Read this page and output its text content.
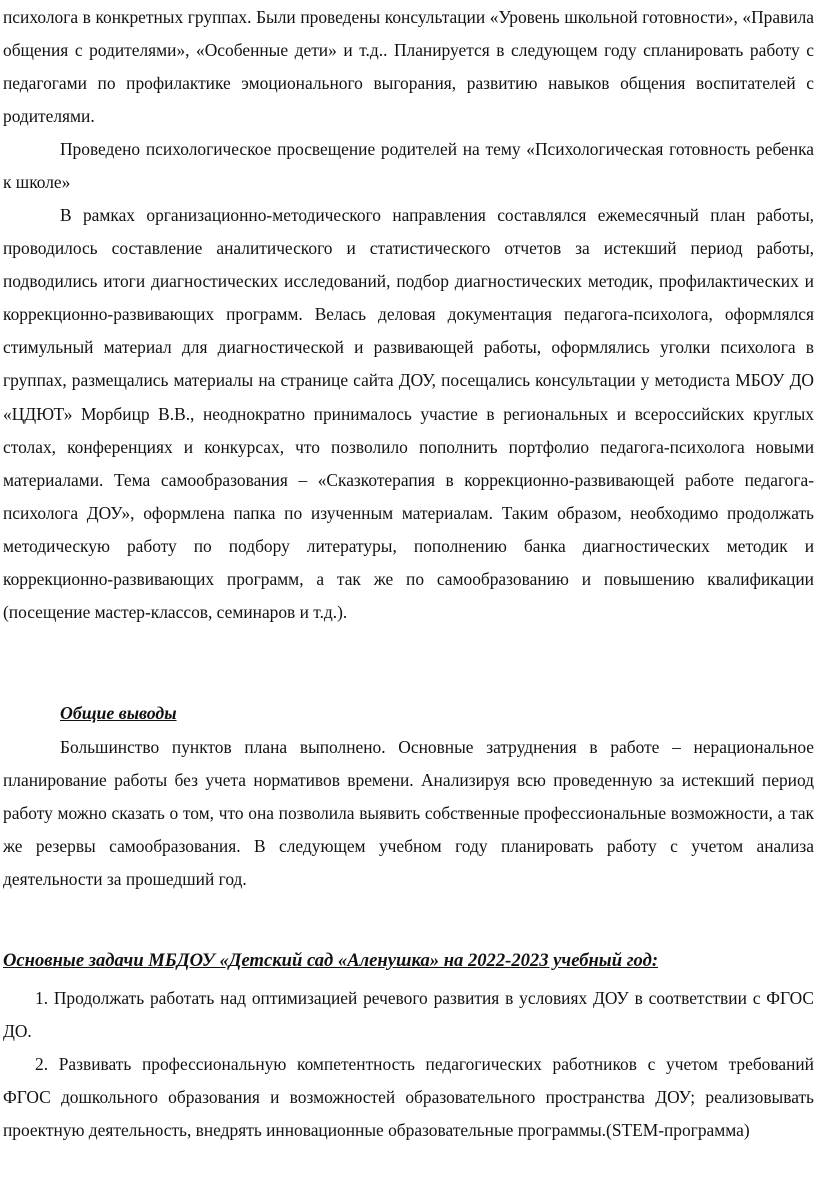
психолога в конкретных группах. Были проведены консультации «Уровень школьной готовности», «Правила общения с родителями», «Особенные дети» и т.д.. Планируется в следующем году спланировать работу с педагогами по профилактике эмоционального выгорания, развитию навыков общения воспитателей с родителями.

Проведено психологическое просвещение родителей на тему «Психологическая готовность ребенка к школе»

В рамках организационно-методического направления составлялся ежемесячный план работы, проводилось составление аналитического и статистического отчетов за истекший период работы, подводились итоги диагностических исследований, подбор диагностических методик, профилактических и коррекционно-развивающих программ. Велась деловая документация педагога-психолога, оформлялся стимульный материал для диагностической и развивающей работы, оформлялись уголки психолога в группах, размещались материалы на странице сайта ДОУ, посещались консультации у методиста МБОУ ДО «ЦДЮТ» Морбицр В.В., неоднократно принималось участие в региональных и всероссийских круглых столах, конференциях и конкурсах, что позволило пополнить портфолио педагога-психолога новыми материалами. Тема самообразования – «Сказкотерапия в коррекционно-развивающей работе педагога-психолога ДОУ», оформлена папка по изученным материалам. Таким образом, необходимо продолжать методическую работу по подбору литературы, пополнению банка диагностических методик и коррекционно-развивающих программ, а так же по самообразованию и повышению квалификации (посещение мастер-классов, семинаров и т.д.).

Общие выводы

Большинство пунктов плана выполнено. Основные затруднения в работе – нерациональное планирование работы без учета нормативов времени. Анализируя всю проведенную за истекший период работу можно сказать о том, что она позволила выявить собственные профессиональные возможности, а так же резервы самообразования. В следующем учебном году планировать работу с учетом анализа деятельности за прошедший год.

Основные задачи МБДОУ «Детский сад «Аленушка» на 2022-2023 учебный год:

1. Продолжать работать над оптимизацией речевого развития в условиях ДОУ в соответствии с ФГОС ДО.

2. Развивать профессиональную компетентность педагогических работников с учетом требований ФГОС дошкольного образования и возможностей образовательного пространства ДОУ; реализовывать проектную деятельность, внедрять инновационные образовательные программы.(STEM-программа)
